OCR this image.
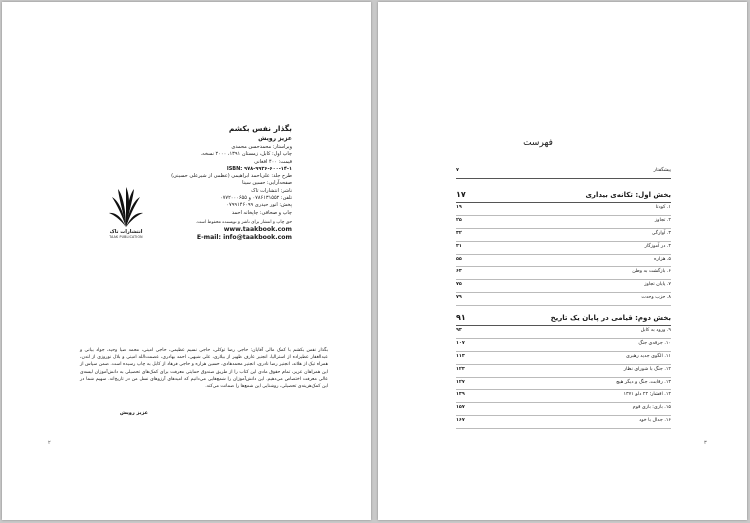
بگذار نفس بکشم
عزیز رویش
ویراستار: محمدحسن محمدی
چاپ اول: کابل، زمستان ۱۳۹۱، ۲۰۰۰ نسخه.
قیمت: ۴۰۰ افغانی
ISBN: ۹۷۸-۹۹۳۶-۶۰۰-۱۴-۱
طرح جلد: علی‌احمد ابراهیمی (عظمی از شیرعلی حسینی)
صفحه‌آرایی: حسین سینا
ناشر: انتشارات تاک
تلفن: ۰۷۸۶۱۳۱۵۵۲ و ۰۷۷۲۰۰۰۶۵۵
پخش: انور حیدری ۰۷۹۹۱۴۶۰۹۹
چاپ و صحافی: چاپخانه احمد
حق چاپ و انتشار برای ناشر و نویسنده محفوظ است.
www.taakbook.com
E-mail: info@taakbook.com
انتشارات تاک
TAAK PUBLICATION
بگذار نفس بکشم با کمک مالی آقایان: حاجی رضا توکلی، حاجی نسیم عظیمی، حاجی امینی، محمد ضیا وحید، جواد بیانی و عبدالغفار عطیزاده از استرالیا، انجنیر عارف ظهیر از بیلاری، علی شیهی، احمد بهادری، عصمت‌الله امینی و بلال نوروزی از لندن، همراه تیک از هلاند، انجنیر رضا نادری، انجنیر محمدهادی، حسین هزاره و حاجی فرهاد از کابل به چاپ رسیده است. ضمن سپاس از این همراهان عزیز، تمام حقوق مادی این کتاب را از طریق صندوق حمایتی معرفت برای کمک‌های تحصیلی به دانش‌آموزان لیسه‌ی عالی معرفت اختصاص می‌دهیم. این دانش‌آموزان را شمع‌هایی می‌دانیم که امیدهای آرزوهای نسل من در تاریخ‌اند. سهیم شما در این کمک‌هزینه‌ی تحصیلی، روشنایی این شمع‌ها را ضمانت می‌کند.
عزیز رویش
۲
فهرست
پیشگفتار
۷
بخش اول: تکانه‌ی بیداری
۱۷
۱. کودتا
۱۹
۲. تجاوز
۲۵
۳. آوارگی
۳۲
۴. در آموزگار
۴۱
۵. هزاره
۵۵
۶. بازگشت به وطن
۶۳
۷. پایان تجاوز
۷۵
۸. حزب وحدت
۷۹
بخش دوم: قیامی در پایان یک تاریخ
۹۱
۹. ورود به کابل
۹۳
۱۰. جرقه‌ی جنگ
۱۰۷
۱۱. الگوی جدید رهبری
۱۱۳
۱۲. جنگ با شورای نظار
۱۲۳
۱۳. رقابت، جنگ و دیگر هیچ
۱۲۷
۱۴. افشار؛ ۲۲ دلو ۱۳۷۱
۱۳۹
۱۵. بازی: بازی قوم
۱۵۷
۱۶. جدال با خود
۱۶۷
۳
